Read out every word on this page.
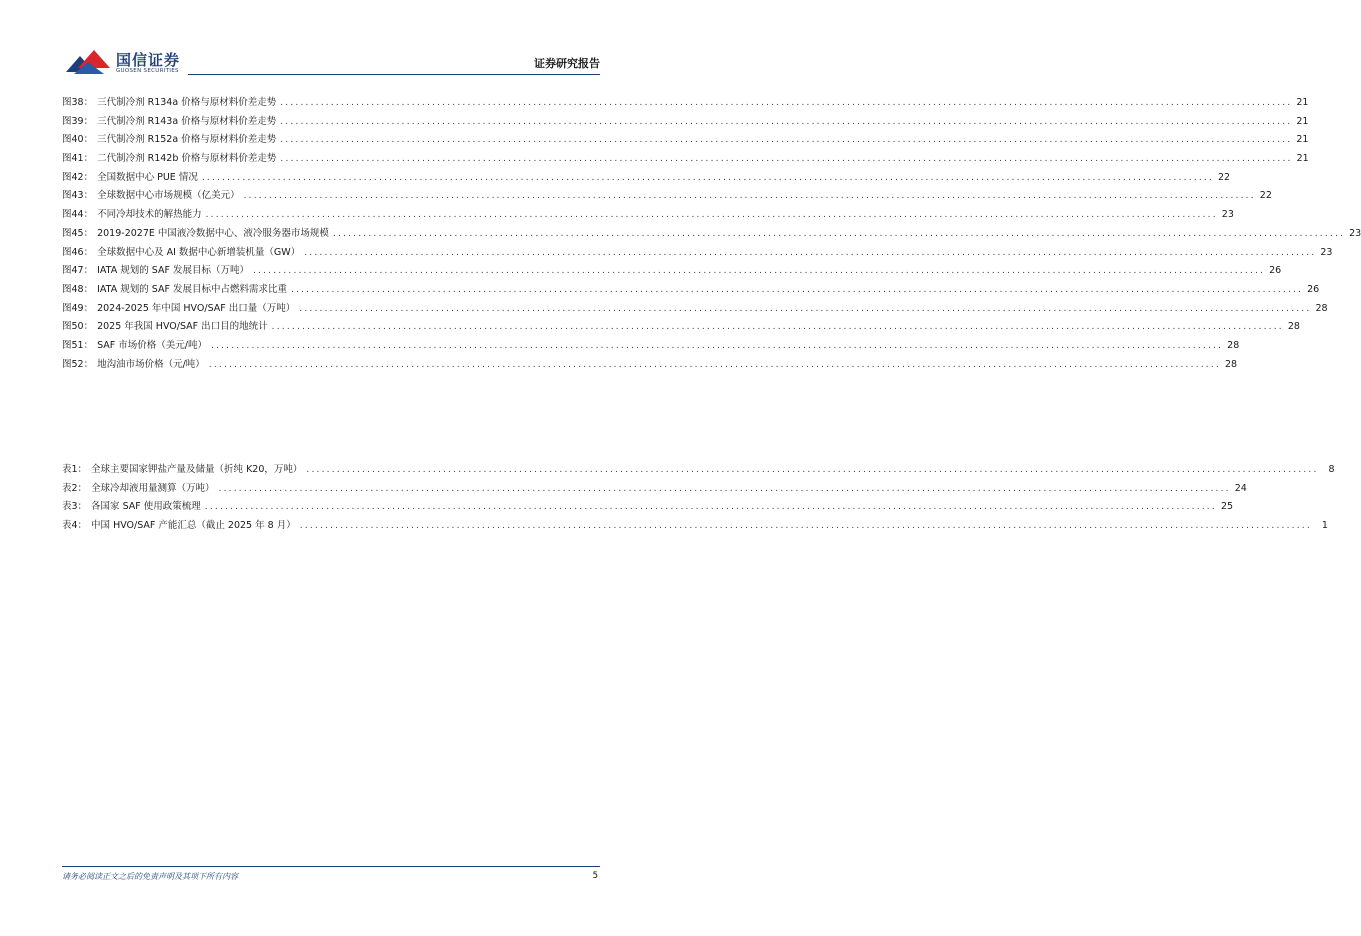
国信证券
GUOSEN SECURITIES
证券研究报告
图38： 三代制冷剂 R134a 价格与原材料价差走势 ........................................................................................................................................................................................................ 21
图39： 三代制冷剂 R143a 价格与原材料价差走势 ........................................................................................................................................................................................................ 21
图40： 三代制冷剂 R152a 价格与原材料价差走势 ........................................................................................................................................................................................................ 21
图41： 二代制冷剂 R142b 价格与原材料价差走势 ........................................................................................................................................................................................................ 21
图42： 全国数据中心 PUE 情况 ........................................................................................................................................................................................................ 22
图43： 全球数据中心市场规模（亿美元） ........................................................................................................................................................................................................ 22
图44： 不同冷却技术的解热能力 ........................................................................................................................................................................................................ 23
图45： 2019-2027E 中国液冷数据中心、液冷服务器市场规模 ........................................................................................................................................................................................................ 23
图46： 全球数据中心及 AI 数据中心新增装机量（GW） ........................................................................................................................................................................................................ 23
图47： IATA 规划的 SAF 发展目标（万吨） ........................................................................................................................................................................................................ 26
图48： IATA 规划的 SAF 发展目标中占燃料需求比重 ........................................................................................................................................................................................................ 26
图49： 2024-2025 年中国 HVO/SAF 出口量（万吨） ........................................................................................................................................................................................................ 28
图50： 2025 年我国 HVO/SAF 出口目的地统计 ........................................................................................................................................................................................................ 28
图51： SAF 市场价格（美元/吨） ........................................................................................................................................................................................................ 28
图52： 地沟油市场价格（元/吨） ........................................................................................................................................................................................................ 28
表1： 全球主要国家钾盐产量及储量（折纯 K20，万吨） ........................................................................................................................................................................................................	8
表2： 全球冷却液用量测算（万吨） ........................................................................................................................................................................................................ 24
表3： 各国家 SAF 使用政策梳理 ........................................................................................................................................................................................................ 25
表4： 中国 HVO/SAF 产能汇总（截止 2025 年 8 月） ........................................................................................................................................................................................................	1
请务必阅读正文之后的免责声明及其项下所有内容	5
